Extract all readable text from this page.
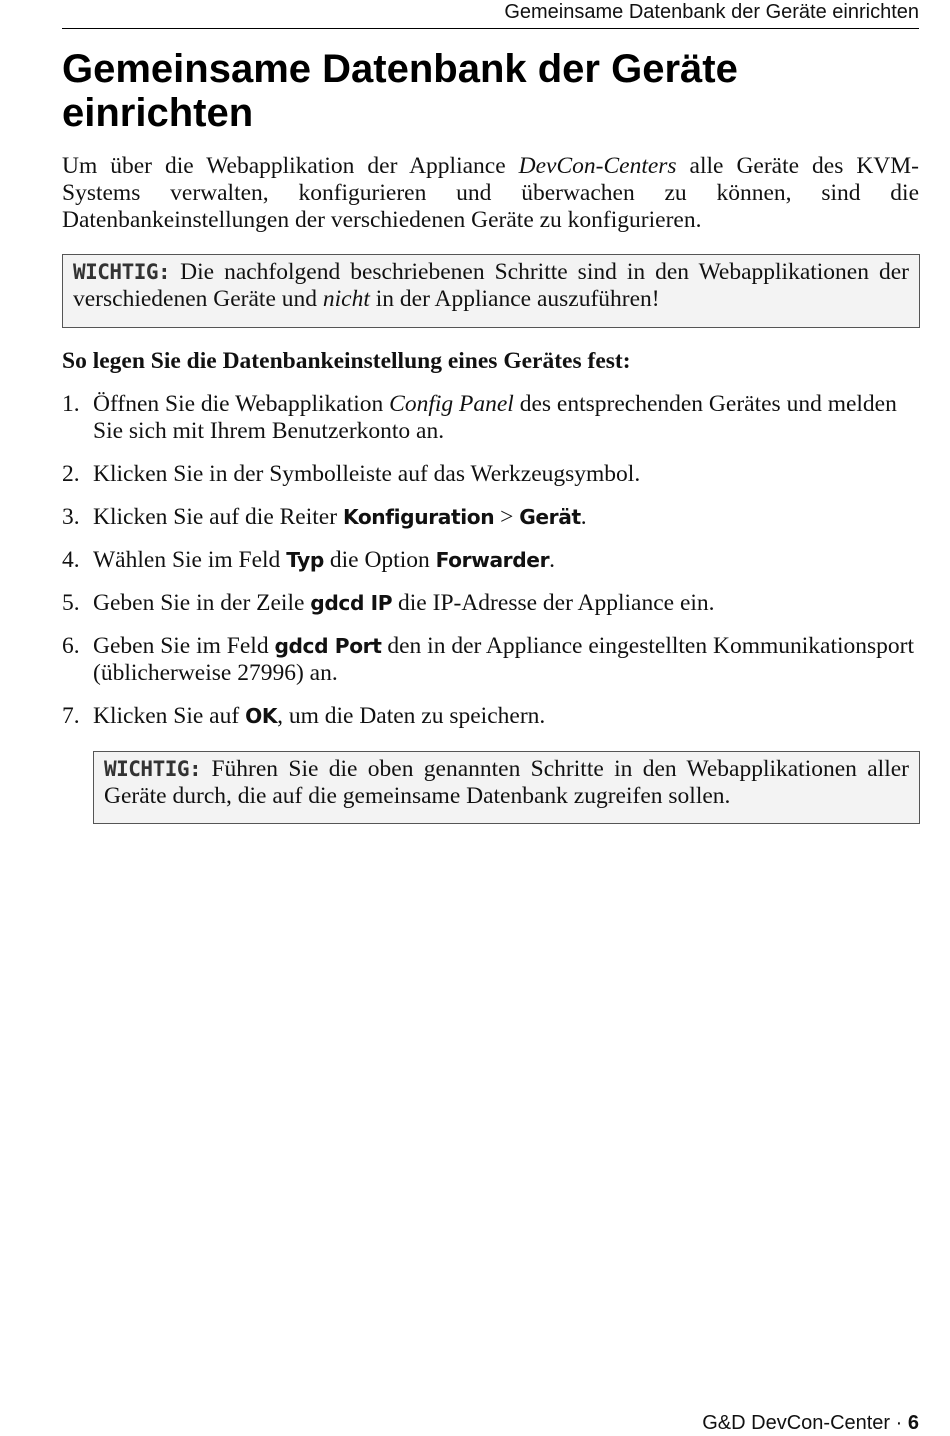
Gemeinsame Datenbank der Geräte einrichten
Gemeinsame Datenbank der Geräte einrichten

Um über die Webapplikation der Appliance DevCon-Centers alle Geräte des KVM-Systems verwalten, konfigurieren und überwachen zu können, sind die Datenbankeinstellungen der verschiedenen Geräte zu konfigurieren.

WICHTIG: Die nachfolgend beschriebenen Schritte sind in den Webapplikationen der verschiedenen Geräte und nicht in der Appliance auszuführen!
So legen Sie die Datenbankeinstellung eines Gerätes fest:
1. Öffnen Sie die Webapplikation Config Panel des entsprechenden Gerätes und melden Sie sich mit Ihrem Benutzerkonto an.
2. Klicken Sie in der Symbolleiste auf das Werkzeugsymbol.
3. Klicken Sie auf die Reiter Konfiguration > Gerät.
4. Wählen Sie im Feld Typ die Option Forwarder.
5. Geben Sie in der Zeile gdcd IP die IP-Adresse der Appliance ein.
6. Geben Sie im Feld gdcd Port den in der Appliance eingestellten Kommunikationsport (üblicherweise 27996) an.
7. Klicken Sie auf OK, um die Daten zu speichern.
WICHTIG: Führen Sie die oben genannten Schritte in den Webapplikationen aller Geräte durch, die auf die gemeinsame Datenbank zugreifen sollen.
G&D DevCon-Center · 6
